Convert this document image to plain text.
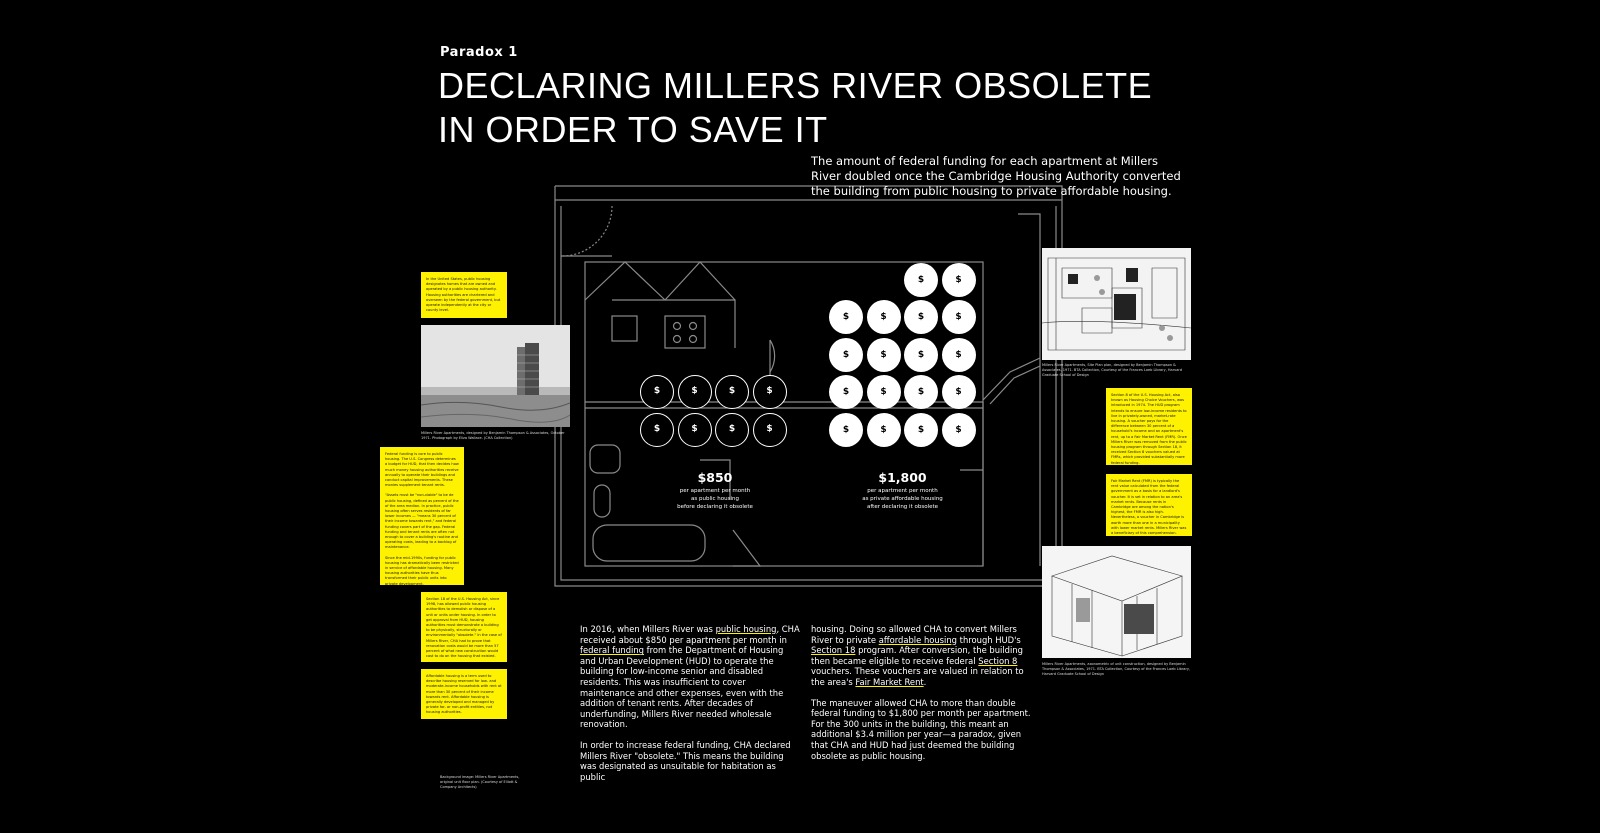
Paradox 1
DECLARING MILLERS RIVER OBSOLETE
IN ORDER TO SAVE IT
The amount of federal funding for each apartment at Millers River doubled once the Cambridge Housing Authority converted the building from public housing to private affordable housing.
$	$	$	$
$	$	$	$
$	$	$	$
$	$	$	$
$	$	$	$
$	$	$	$
$	$
$850
per apartment per month
as public housing
before declaring it obsolete
$1,800
per apartment per month
as private affordable housing
after declaring it obsolete

In the United States, public housing designates homes that are owned and operated by a public housing authority. Housing authorities are chartered and overseen by the federal government, but operate independently at the city or county level.

Millers River Apartments, designed by Benjamin Thompson & Associates, October 1971. Photograph by Eliza Wallace. (CHA Collection)

Federal funding is core to public housing. The U.S. Congress determines a budget for HUD, that then decides how much money housing authorities receive annually to operate their buildings and conduct capital improvements. These monies supplement tenant rents.

"Assets must be "non-viable" to be de public housing, defined as percent of the of the area median. In practice, public housing often serves residents of far lower incomes — "means 30 percent of their income towards rent," and federal funding covers part of the gap. Federal funding and tenant rents are often not enough to cover a building's routine and operating costs, leading to a backlog of maintenance.

Since the mid-1990s, funding for public housing has dramatically been restricted in service of affordable housing. Many housing authorities have thus transformed their public units into private development.

Section 18 of the U.S. Housing Act, since 1998, has allowed public housing authorities to demolish or dispose of a unit or units under housing. In order to get approval from HUD, housing authorities must demonstrate a building to be physically, structurally or environmentally "obsolete." In the case of Millers River, CHA had to prove that renovation costs would be more than 57 percent of what new construction would cost to do on the housing that existed.

Affordable housing is a term used to describe housing reserved for low- and moderate-income households with rent at more than 30 percent of their income towards rent. Affordable housing is generally developed and managed by private for- or non-profit entities, not housing authorities.

Background image: Millers River Apartments, original unit floor plan. (Courtesy of Elliott & Company Architects)
Millers River Apartments, Site Plan plan, designed by Benjamin Thompson & Associates, 1971. BTA Collection, Courtesy of the Frances Loeb Library, Harvard Graduate School of Design

Section 8 of the U.S. Housing Act, also known as Housing Choice Vouchers, was introduced in 1974. The HUD program intends to ensure low-income residents to live in privately-owned, market-rate housing. A voucher pays for the difference between 30 percent of a household's income and an apartment's rent, up to a Fair Market Rent (FMR). Once Millers River was removed from the public housing program through Section 18, it received Section 8 vouchers valued at FMRs, which provided substantially more federal funding.

Fair Market Rent (FMR) is typically the rent value calculated from the federal government as a basis for a landlord's voucher. It is set in relation to an area's market rents. Because rents in Cambridge are among the nation's highest, the FMR is also high. Nevertheless, a voucher in Cambridge is worth more than one in a municipality with lower market rents. Millers River was a beneficiary of this comprehension.

Millers River Apartments, axonometric of unit construction, designed by Benjamin Thompson & Associates, 1971. BTA Collection, Courtesy of the Frances Loeb Library, Harvard Graduate School of Design

In 2016, when Millers River was public housing, CHA received about $850 per apartment per month in federal funding from the Department of Housing and Urban Development (HUD) to operate the building for low-income senior and disabled residents. This was insufficient to cover maintenance and other expenses, even with the addition of tenant rents. After decades of underfunding, Millers River needed wholesale renovation.

In order to increase federal funding, CHA declared Millers River "obsolete." This means the building was designated as unsuitable for habitation as public

housing. Doing so allowed CHA to convert Millers River to private affordable housing through HUD's Section 18 program. After conversion, the building then became eligible to receive federal Section 8 vouchers. These vouchers are valued in relation to the area's Fair Market Rent.

The maneuver allowed CHA to more than double federal funding to $1,800 per month per apartment. For the 300 units in the building, this meant an additional $3.4 million per year—a paradox, given that CHA and HUD had just deemed the building obsolete as public housing.
